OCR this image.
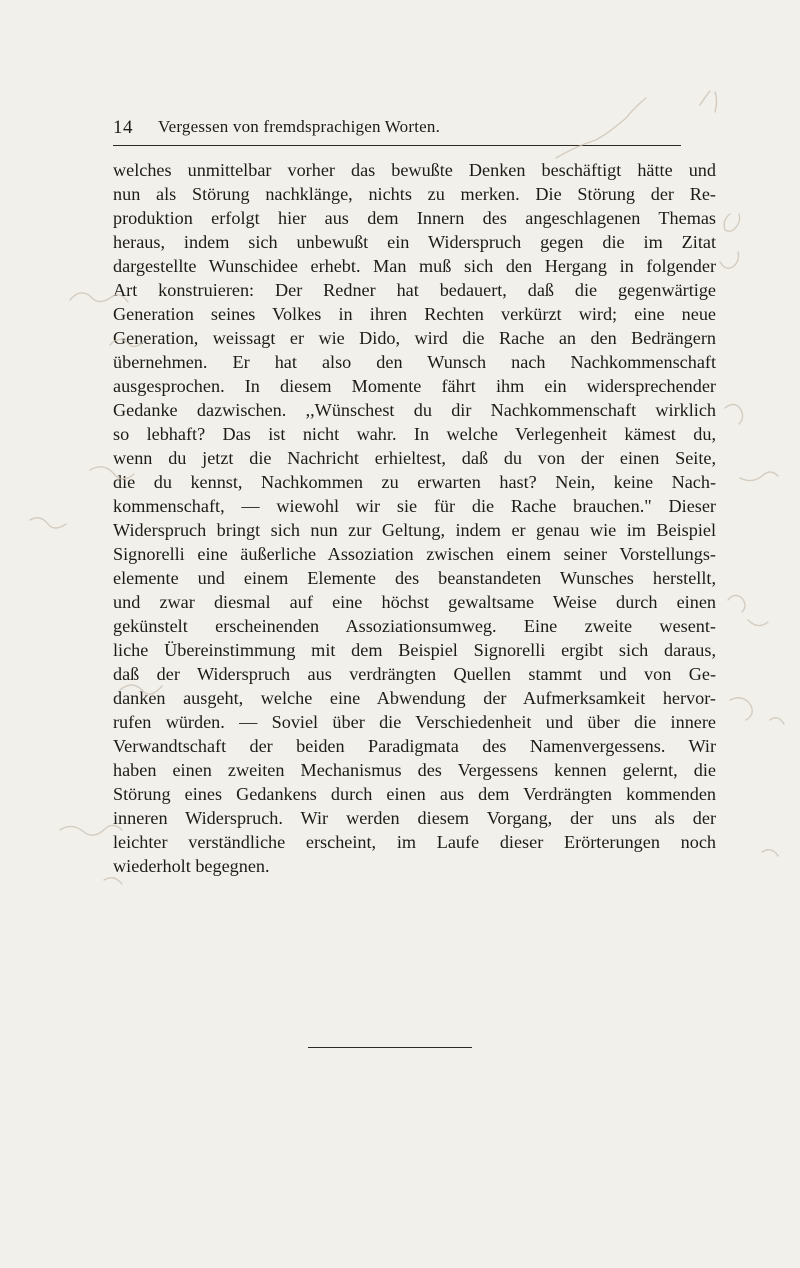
14 Vergessen von fremdsprachigen Worten.
welches unmittelbar vorher das bewußte Denken beschäftigt hätte und
nun als Störung nachklänge, nichts zu merken. Die Störung der Re-
produktion erfolgt hier aus dem Innern des angeschlagenen Themas
heraus, indem sich unbewußt ein Widerspruch gegen die im Zitat
dargestellte Wunschidee erhebt. Man muß sich den Hergang in folgender
Art konstruieren: Der Redner hat bedauert, daß die gegenwärtige
Generation seines Volkes in ihren Rechten verkürzt wird; eine neue
Generation, weissagt er wie Dido, wird die Rache an den Bedrängern
übernehmen. Er hat also den Wunsch nach Nachkommenschaft
ausgesprochen. In diesem Momente fährt ihm ein widersprechender
Gedanke dazwischen. ,,Wünschest du dir Nachkommenschaft wirklich
so lebhaft? Das ist nicht wahr. In welche Verlegenheit kämest du,
wenn du jetzt die Nachricht erhieltest, daß du von der einen Seite,
die du kennst, Nachkommen zu erwarten hast? Nein, keine Nach-
kommenschaft, — wiewohl wir sie für die Rache brauchen." Dieser
Widerspruch bringt sich nun zur Geltung, indem er genau wie im Beispiel
Signorelli eine äußerliche Assoziation zwischen einem seiner Vorstellungs-
elemente und einem Elemente des beanstandeten Wunsches herstellt,
und zwar diesmal auf eine höchst gewaltsame Weise durch einen
gekünstelt erscheinenden Assoziationsumweg. Eine zweite wesent-
liche Übereinstimmung mit dem Beispiel Signorelli ergibt sich daraus,
daß der Widerspruch aus verdrängten Quellen stammt und von Ge-
danken ausgeht, welche eine Abwendung der Aufmerksamkeit hervor-
rufen würden. — Soviel über die Verschiedenheit und über die innere
Verwandtschaft der beiden Paradigmata des Namenvergessens. Wir
haben einen zweiten Mechanismus des Vergessens kennen gelernt, die
Störung eines Gedankens durch einen aus dem Verdrängten kommenden
inneren Widerspruch. Wir werden diesem Vorgang, der uns als der
leichter verständliche erscheint, im Laufe dieser Erörterungen noch
wiederholt begegnen.
